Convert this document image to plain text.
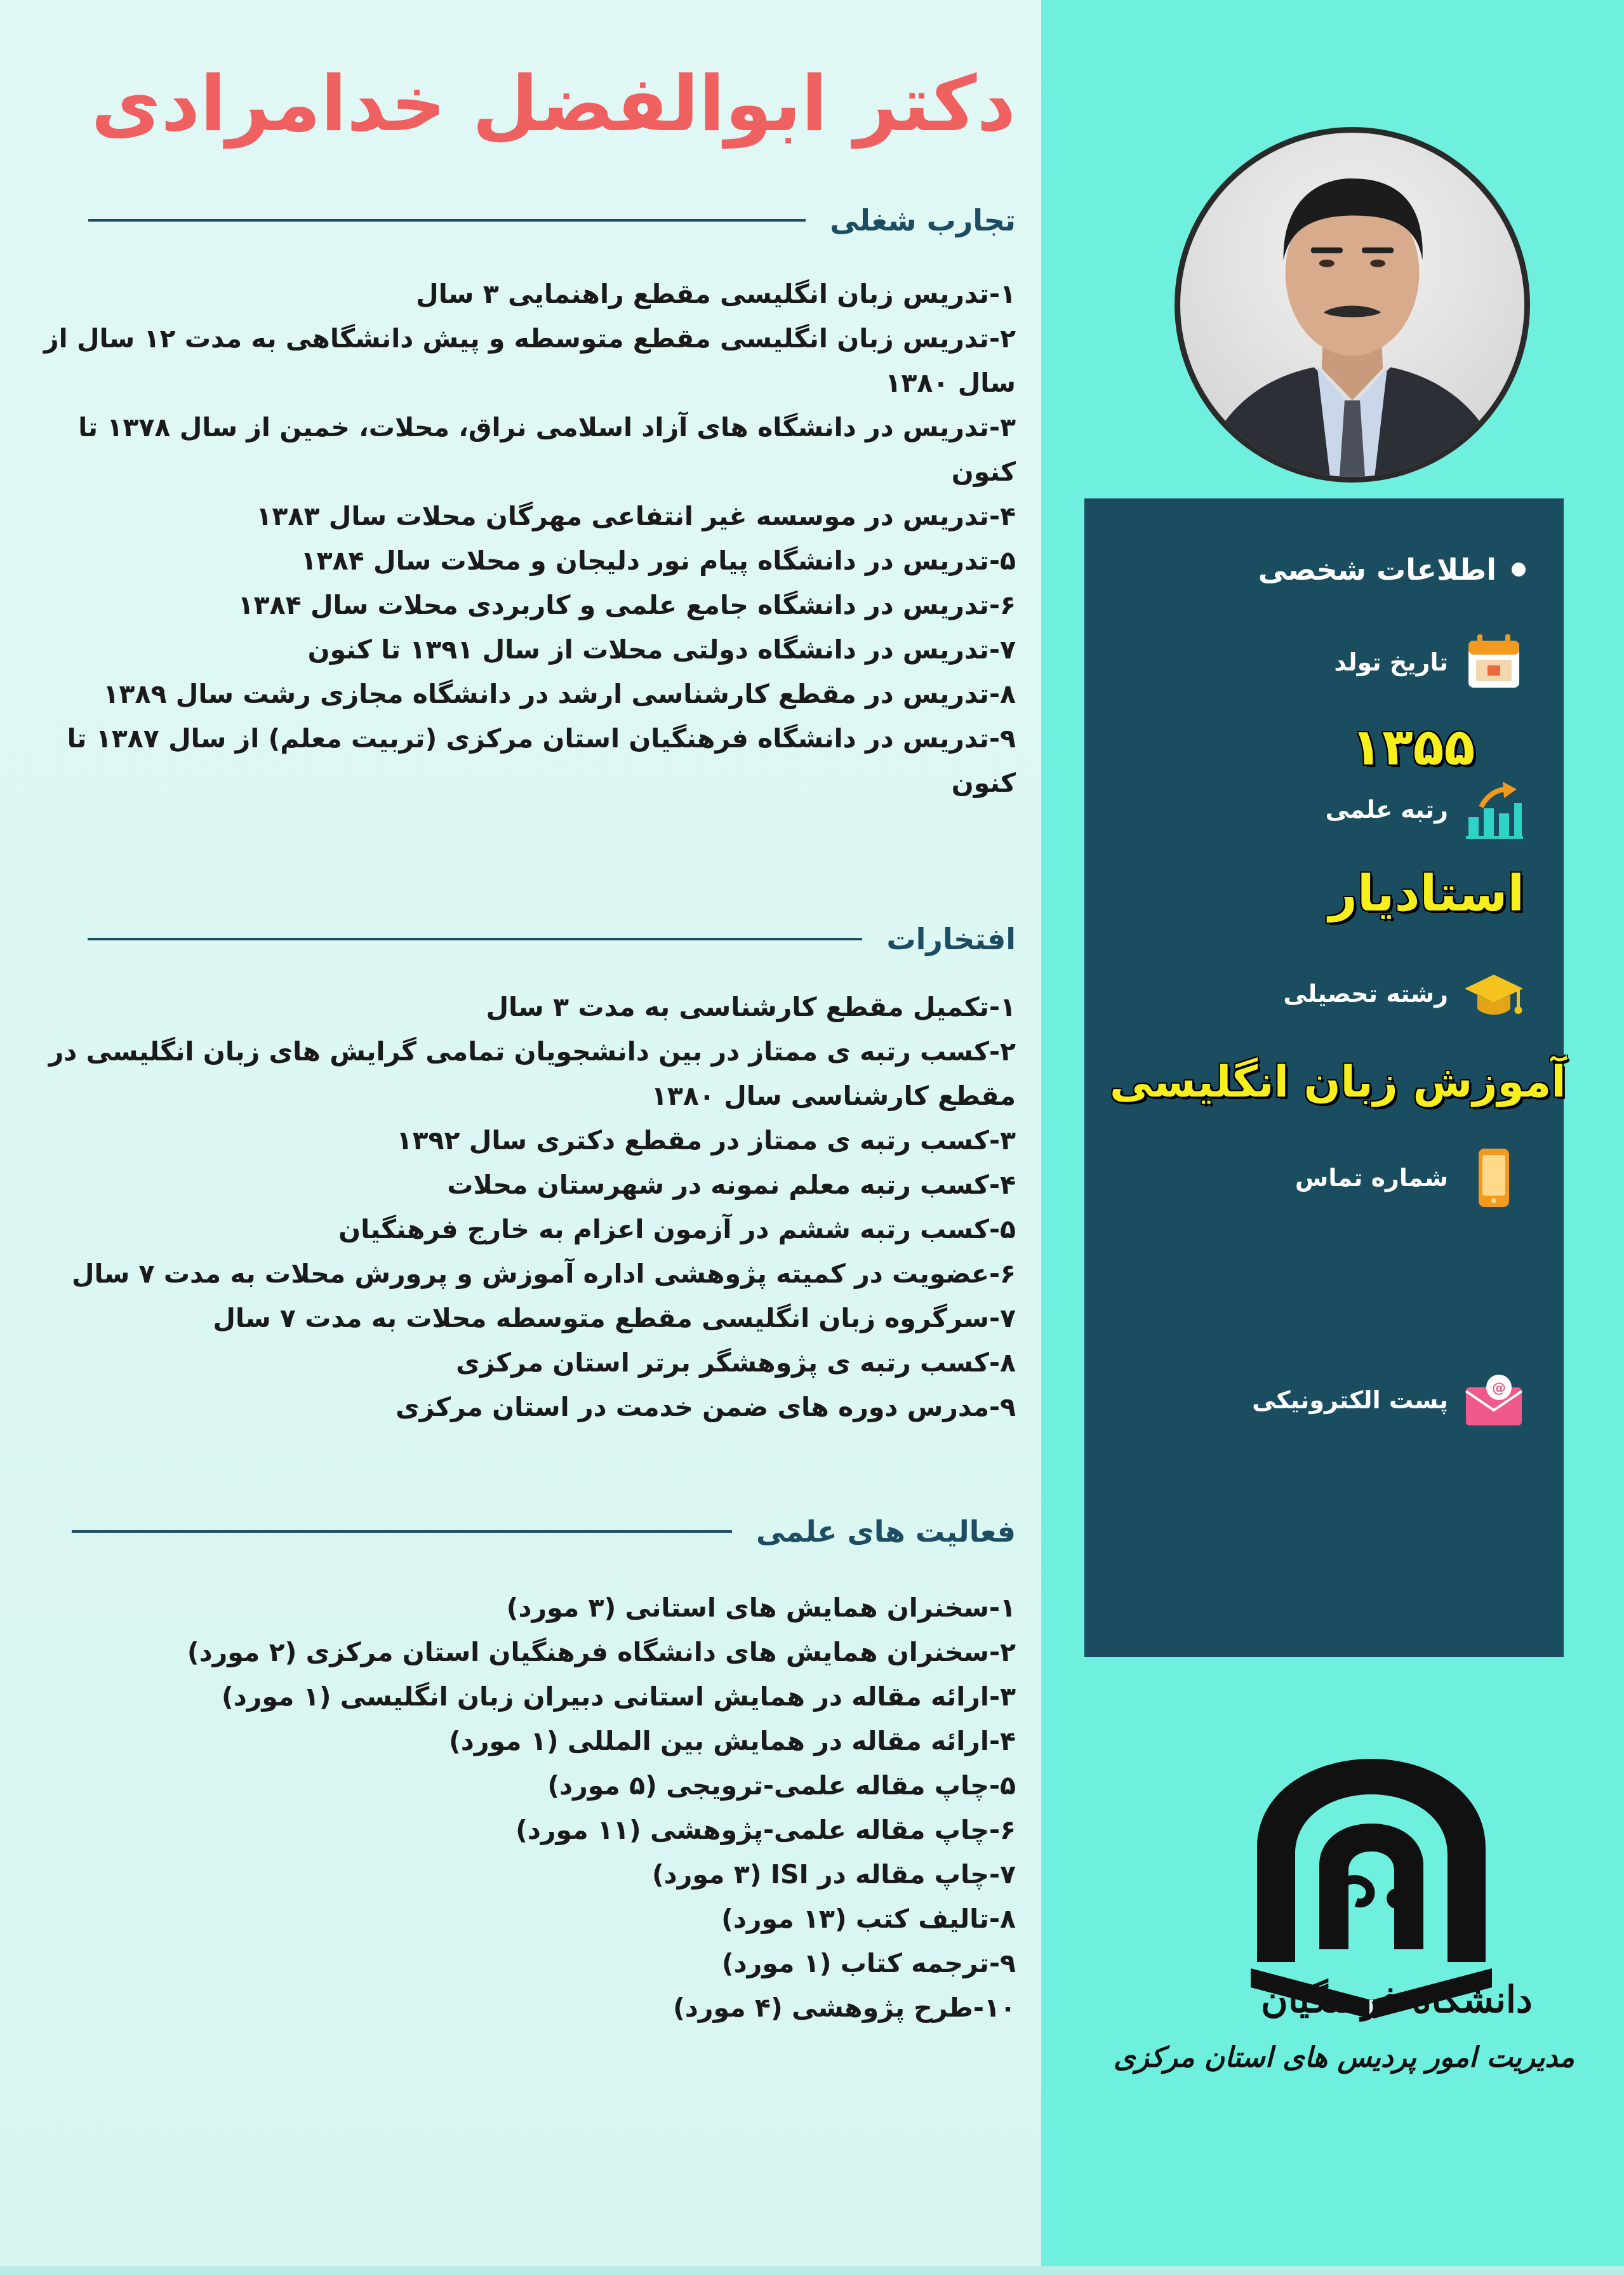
دکتر ابوالفضل خدامرادی
تجارب شغلی
۱-تدریس زبان انگلیسی مقطع راهنمایی ۳ سال
۲-تدریس زبان انگلیسی مقطع متوسطه و پیش دانشگاهی به مدت ۱۲ سال از
سال ۱۳۸۰
۳-تدریس در دانشگاه های آزاد اسلامی نراق، محلات، خمین از سال ۱۳۷۸ تا
کنون
۴-تدریس در موسسه غیر انتفاعی مهرگان محلات سال ۱۳۸۳
۵-تدریس در دانشگاه پیام نور دلیجان و محلات سال ۱۳۸۴
۶-تدریس در دانشگاه جامع علمی و کاربردی محلات سال ۱۳۸۴
۷-تدریس در دانشگاه دولتی محلات از سال ۱۳۹۱ تا کنون
۸-تدریس در مقطع کارشناسی ارشد در دانشگاه مجازی رشت سال ۱۳۸۹
۹-تدریس در دانشگاه فرهنگیان استان مرکزی (تربیت معلم) از سال ۱۳۸۷ تا
کنون
افتخارات
۱-تکمیل مقطع کارشناسی به مدت ۳ سال
۲-کسب رتبه ی ممتاز در بین دانشجویان تمامی گرایش های زبان انگلیسی در
مقطع کارشناسی سال ۱۳۸۰
۳-کسب رتبه ی ممتاز در مقطع دکتری سال ۱۳۹۲
۴-کسب رتبه معلم نمونه در شهرستان محلات
۵-کسب رتبه ششم در آزمون اعزام به خارج فرهنگیان
۶-عضویت در کمیته پژوهشی اداره آموزش و پرورش محلات به مدت ۷ سال
۷-سرگروه زبان انگلیسی مقطع متوسطه محلات به مدت ۷ سال
۸-کسب رتبه ی پژوهشگر برتر استان مرکزی
۹-مدرس دوره های ضمن خدمت در استان مرکزی
فعالیت های علمی
۱-سخنران همایش های استانی (۳ مورد)
۲-سخنران همایش های دانشگاه فرهنگیان استان مرکزی (۲ مورد)
۳-ارائه مقاله در همایش استانی دبیران زبان انگلیسی (۱ مورد)
۴-ارائه مقاله در همایش بین المللی (۱ مورد)
۵-چاپ مقاله علمی-ترویجی (۵ مورد)
۶-چاپ مقاله علمی-پژوهشی (۱۱ مورد)
۷-چاپ مقاله در ISI (۳ مورد)
۸-تالیف کتب (۱۳ مورد)
۹-ترجمه کتاب (۱ مورد)
۱۰-طرح پژوهشی (۴ مورد)
اطلاعات شخصی
تاریخ تولد
۱۳۵۵
رتبه علمی
استادیار
رشته تحصیلی
آموزش زبان انگلیسی
شماره تماس
@
پست الکترونیکی
دانشگاه فرهنگیان
مدیریت امور پردیس های استان مرکزی
